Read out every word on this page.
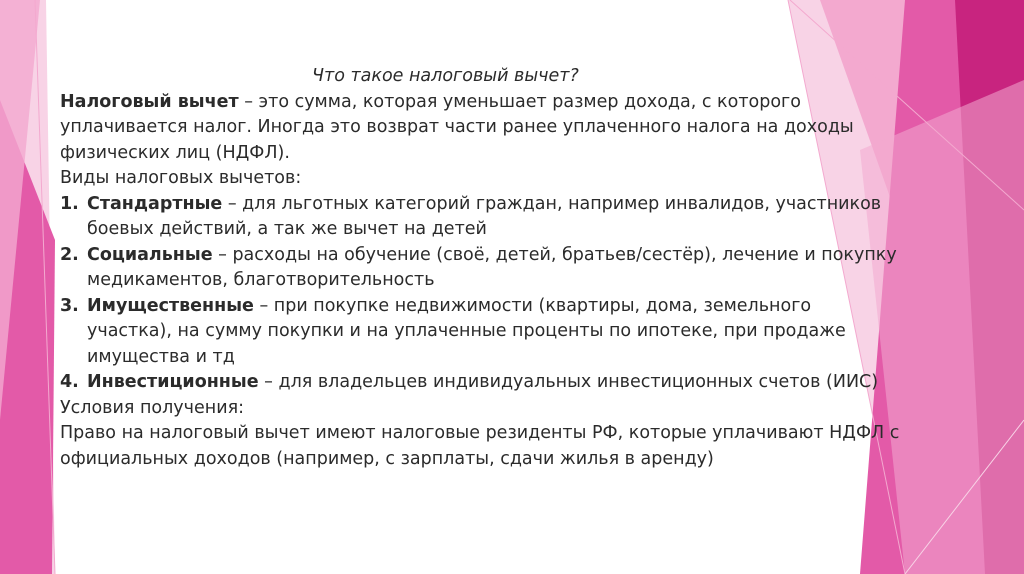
Что такое налоговый вычет?
Налоговый вычет – это сумма, которая уменьшает размер дохода, с которого уплачивается налог. Иногда это возврат части ранее уплаченного налога на доходы физических лиц (НДФЛ).
Виды налоговых вычетов:
1. Стандартные – для льготных категорий граждан, например инвалидов, участников боевых действий, а так же вычет на детей
2. Социальные – расходы на обучение (своё, детей, братьев/сестёр), лечение и покупку медикаментов, благотворительность
3. Имущественные – при покупке недвижимости (квартиры, дома, земельного участка), на сумму покупки и на уплаченные проценты по ипотеке, при продаже имущества и тд
4. Инвестиционные – для владельцев индивидуальных инвестиционных счетов (ИИС)
Условия получения:
Право на налоговый вычет имеют налоговые резиденты РФ, которые уплачивают НДФЛ с официальных доходов (например, с зарплаты, сдачи жилья в аренду)
